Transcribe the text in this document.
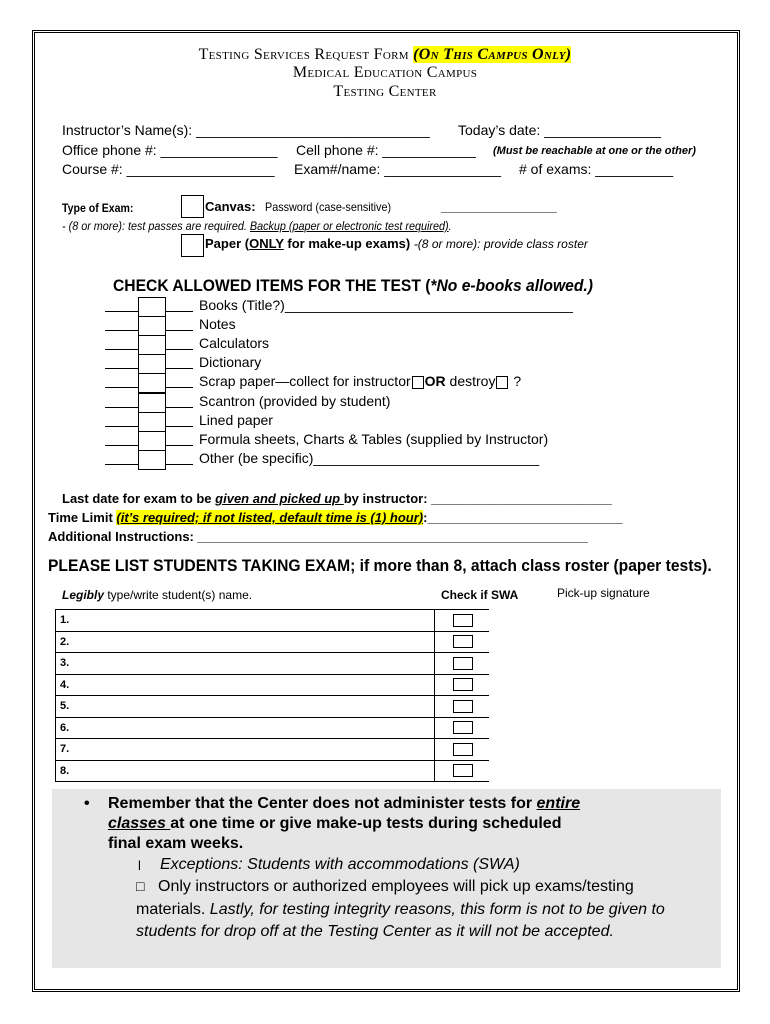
Testing Services Request Form (On This Campus Only)
Medical Education Campus
Testing Center
Instructor’s Name(s): ______________________________ Today’s date: _______________
Office phone #: _______________ Cell phone #: ____________ (Must be reachable at one or the other)
Course #: ___________________ Exam#/name: _______________ # of exams: __________
Type of Exam:	Canvas: Password (case-sensitive)	________________
- (8 or more): test passes are required. Backup (paper or electronic test required).
Paper (ONLY for make-up exams) -(8 or more): provide class roster
CHECK ALLOWED ITEMS FOR THE TEST (*No e-books allowed.)
Books (Title?)_____________________________________
Notes
Calculators
Dictionary
Scrap paper—collect for instructor OR destroy ?
Scantron (provided by student)
Lined paper
Formula sheets, Charts & Tables (supplied by Instructor)
Other (be specific)_____________________________
Last date for exam to be given and picked up by instructor: _________________________
Time Limit (it’s required; if not listed, default time is (1) hour):___________________________
Additional Instructions: ______________________________________________________
PLEASE LIST STUDENTS TAKING EXAM; if more than 8, attach class roster (paper tests).
Legibly type/write student(s) name.	Check if SWA	Pick-up signature
1.		
2.		
3.		
4.		
5.		
6.		
7.		
8.		
• Remember that the Center does not administer tests for entire
classes at one time or give make-up tests during scheduled
final exam weeks.
l Exceptions: Students with accommodations (SWA)
□ Only instructors or authorized employees will pick up exams/testing
materials. Lastly, for testing integrity reasons, this form is not to be given to
students for drop off at the Testing Center as it will not be accepted.
